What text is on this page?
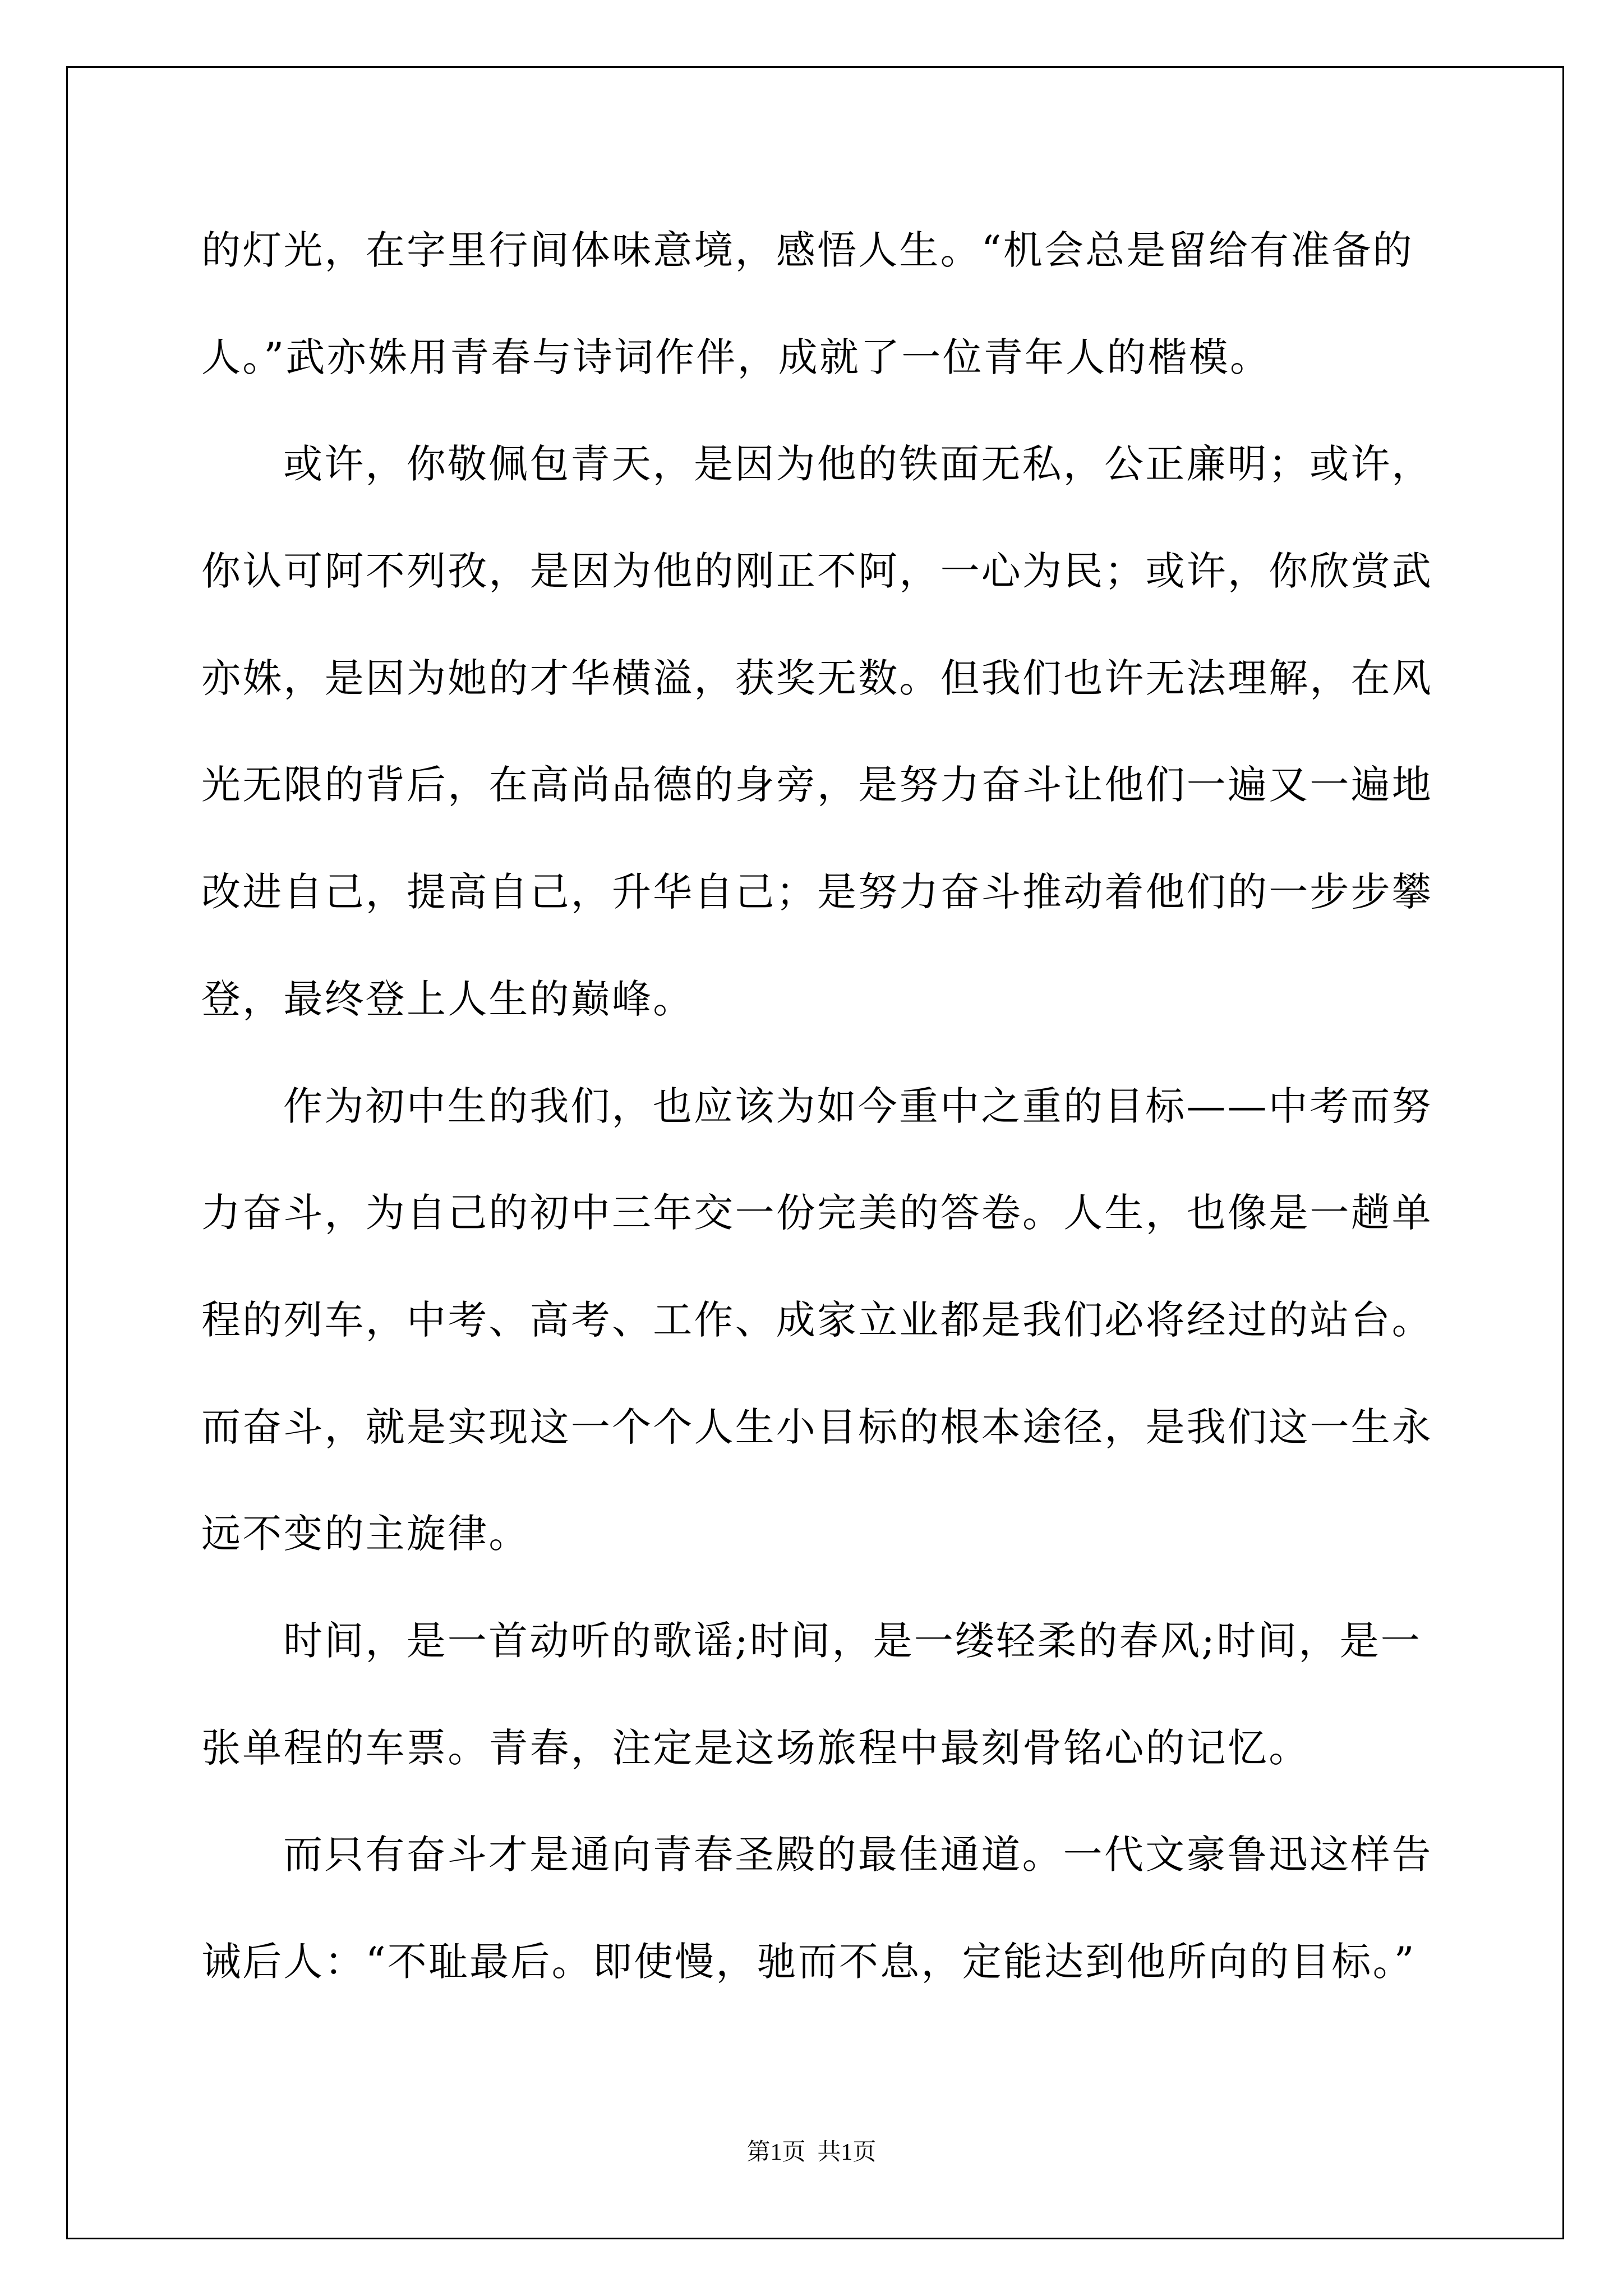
的灯光，在字里行间体味意境，感悟人生。“机会总是留给有准备的
人。”武亦姝用青春与诗词作伴，成就了一位青年人的楷模。
或许，你敬佩包青天，是因为他的铁面无私，公正廉明；或许，
你认可阿不列孜，是因为他的刚正不阿，一心为民；或许，你欣赏武
亦姝，是因为她的才华横溢，获奖无数。但我们也许无法理解，在风
光无限的背后，在高尚品德的身旁，是努力奋斗让他们一遍又一遍地
改进自己，提高自己，升华自己；是努力奋斗推动着他们的一步步攀
登，最终登上人生的巅峰。
作为初中生的我们，也应该为如今重中之重的目标——中考而努
力奋斗，为自己的初中三年交一份完美的答卷。人生，也像是一趟单
程的列车，中考、高考、工作、成家立业都是我们必将经过的站台。
而奋斗，就是实现这一个个人生小目标的根本途径，是我们这一生永
远不变的主旋律。
时间，是一首动听的歌谣;时间，是一缕轻柔的春风;时间，是一
张单程的车票。青春，注定是这场旅程中最刻骨铭心的记忆。
而只有奋斗才是通向青春圣殿的最佳通道。一代文豪鲁迅这样告
诫后人：“不耻最后。即使慢，驰而不息，定能达到他所向的目标。”
第1页  共1页
